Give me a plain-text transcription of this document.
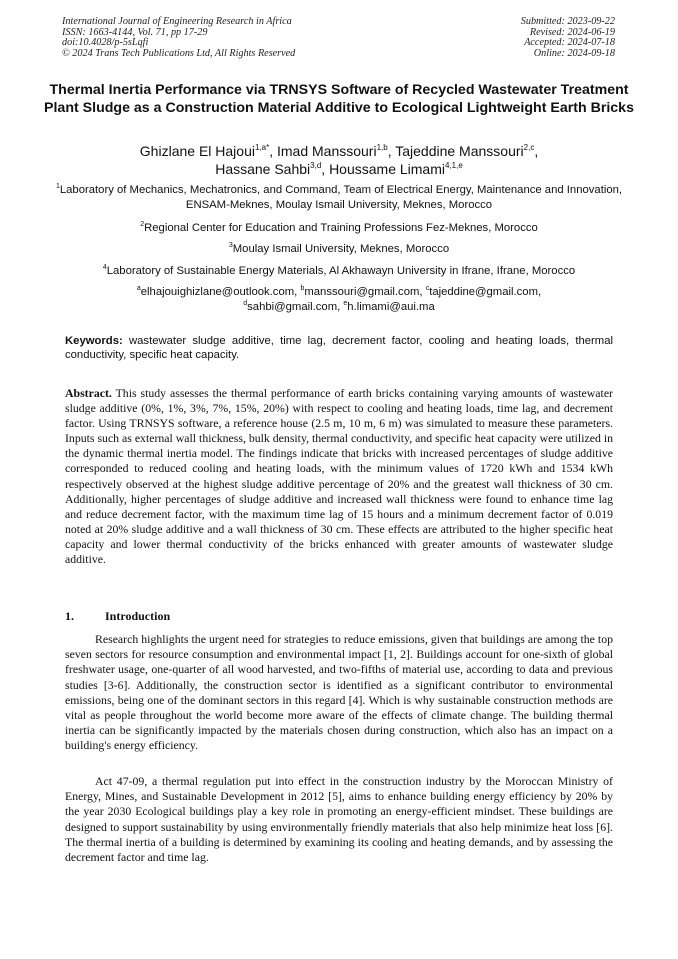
International Journal of Engineering Research in Africa
ISSN: 1663-4144, Vol. 71, pp 17-29
doi:10.4028/p-5sLqfi
© 2024 Trans Tech Publications Ltd, All Rights Reserved
Submitted: 2023-09-22
Revised: 2024-06-19
Accepted: 2024-07-18
Online: 2024-09-18
Thermal Inertia Performance via TRNSYS Software of Recycled Wastewater Treatment Plant Sludge as a Construction Material Additive to Ecological Lightweight Earth Bricks
Ghizlane El Hajoui$^{1,a*}$, Imad Manssouri$^{1,b}$, Tajeddine Manssouri$^{2,c}$,
Hassane Sahbi$^{3,d}$, Houssame Limami$^{4,1,e}$
$^1$Laboratory of Mechanics, Mechatronics, and Command, Team of Electrical Energy, Maintenance and Innovation, ENSAM-Meknes, Moulay Ismail University, Meknes, Morocco
$^2$Regional Center for Education and Training Professions Fez-Meknes, Morocco
$^3$Moulay Ismail University, Meknes, Morocco
$^4$Laboratory of Sustainable Energy Materials, Al Akhawayn University in Ifrane, Ifrane, Morocco
$^a$elhajouighizlane@outlook.com, $^b$manssouri@gmail.com, $^c$tajeddine@gmail.com,
$^d$sahbi@gmail.com, $^e$h.limami@aui.ma
Keywords: wastewater sludge additive, time lag, decrement factor, cooling and heating loads, thermal conductivity, specific heat capacity.
Abstract. This study assesses the thermal performance of earth bricks containing varying amounts of wastewater sludge additive (0%, 1%, 3%, 7%, 15%, 20%) with respect to cooling and heating loads, time lag, and decrement factor. Using TRNSYS software, a reference house (2.5 m, 10 m, 6 m) was simulated to measure these parameters. Inputs such as external wall thickness, bulk density, thermal conductivity, and specific heat capacity were utilized in the dynamic thermal inertia model. The findings indicate that bricks with increased percentages of sludge additive corresponded to reduced cooling and heating loads, with the minimum values of 1720 kWh and 1534 kWh respectively observed at the highest sludge additive percentage of 20% and the greatest wall thickness of 30 cm. Additionally, higher percentages of sludge additive and increased wall thickness were found to enhance time lag and reduce decrement factor, with the maximum time lag of 15 hours and a minimum decrement factor of 0.019 noted at 20% sludge additive and a wall thickness of 30 cm. These effects are attributed to the higher specific heat capacity and lower thermal conductivity of the bricks enhanced with greater amounts of wastewater sludge additive.
1.	Introduction

Research highlights the urgent need for strategies to reduce emissions, given that buildings are among the top seven sectors for resource consumption and environmental impact [1, 2]. Buildings account for one-sixth of global freshwater usage, one-quarter of all wood harvested, and two-fifths of material use, according to data and previous studies [3-6]. Additionally, the construction sector is identified as a significant contributor to environmental emissions, being one of the dominant sectors in this regard [4]. Which is why sustainable construction methods are vital as people throughout the world become more aware of the effects of climate change. The building thermal inertia can be significantly impacted by the materials chosen during construction, which also has an impact on a building's energy efficiency.

Act 47-09, a thermal regulation put into effect in the construction industry by the Moroccan Ministry of Energy, Mines, and Sustainable Development in 2012 [5], aims to enhance building energy efficiency by 20% by the year 2030 Ecological buildings play a key role in promoting an energy-efficient mindset. These buildings are designed to support sustainability by using environmentally friendly materials that also help minimize heat loss [6]. The thermal inertia of a building is determined by examining its cooling and heating demands, and by assessing the decrement factor and time lag.
